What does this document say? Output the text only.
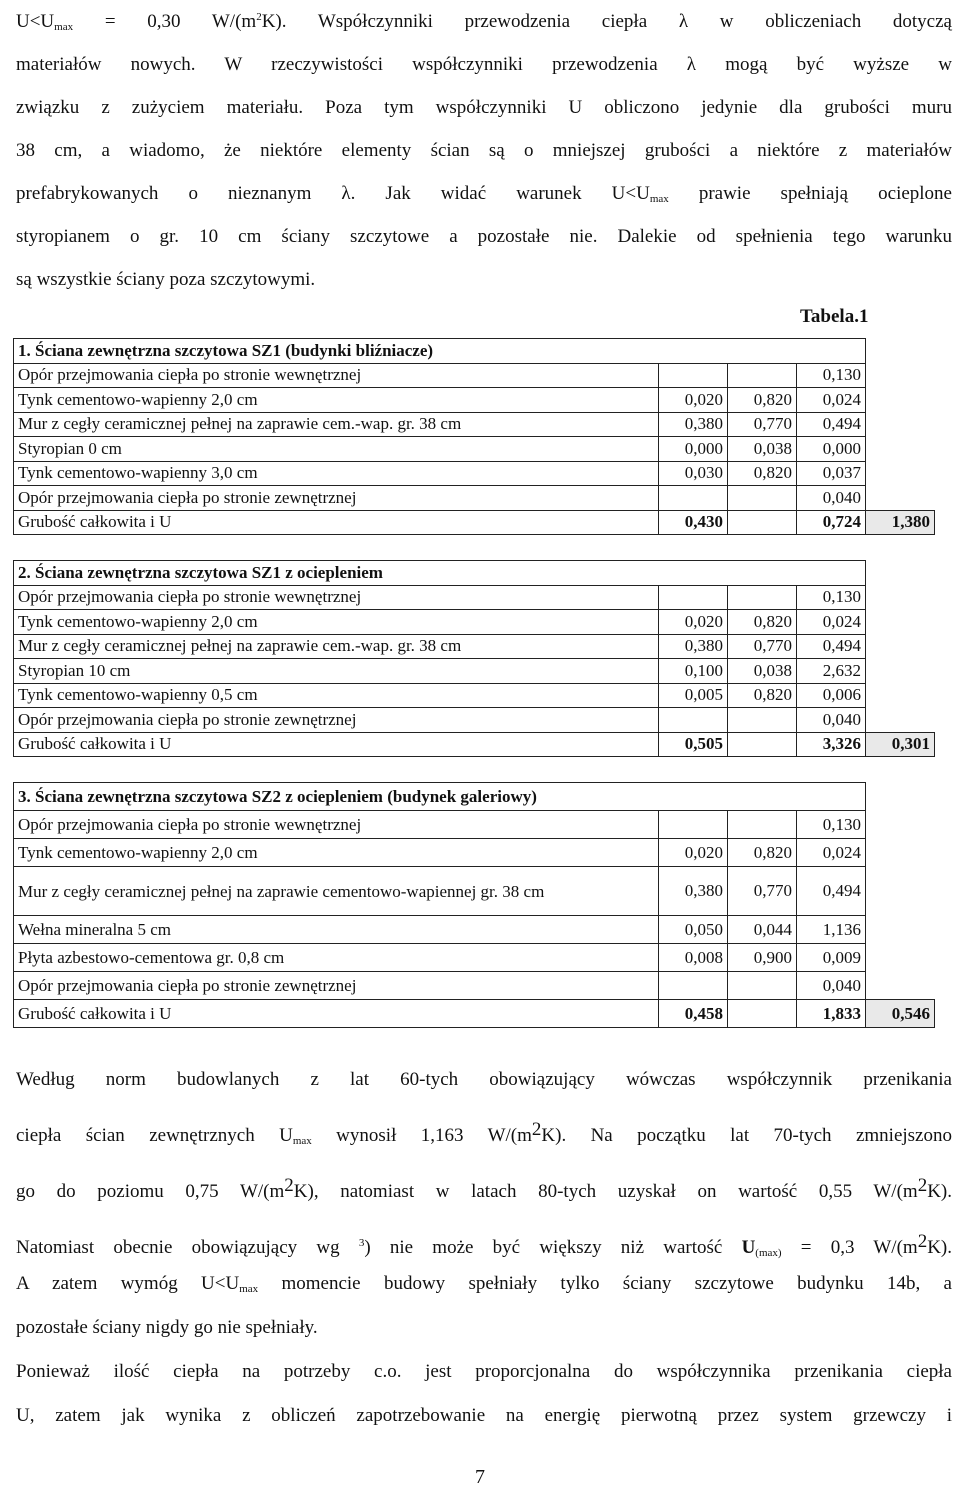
$U<U_{max} = 0,30$ $W/(m^2K)$. Współczynniki przewodzenia ciepła λ w obliczeniach dotyczą
materiałów nowych. W rzeczywistości współczynniki przewodzenia λ mogą być wyższe w
związku z zużyciem materiału. Poza tym współczynniki U obliczono jedynie dla grubości muru
38 cm, a wiadomo, że niektóre elementy ścian są o mniejszej grubości a niektóre z materiałów
prefabrykowanych o nieznanym λ. Jak widać warunek $U<U_{max}$ prawie spełniają ocieplone
styropianem o gr. 10 cm ściany szczytowe a pozostałe nie. Dalekie od spełnienia tego warunku
są wszystkie ściany poza szczytowymi.
Tabela.1
1. Ściana zewnętrzna szczytowa SZ1 (budynki bliźniacze)				
Opór przejmowania ciepła po stronie wewnętrznej			0,130	
Tynk cementowo-wapienny 2,0 cm	0,020	0,820	0,024	
Mur z cegły ceramicznej pełnej na zaprawie cem.-wap. gr. 38 cm	0,380	0,770	0,494	
Styropian 0 cm	0,000	0,038	0,000	
Tynk cementowo-wapienny 3,0 cm	0,030	0,820	0,037	
Opór przejmowania ciepła po stronie zewnętrznej			0,040	
Grubość całkowita i U	0,430		0,724	1,380
2. Ściana zewnętrzna szczytowa SZ1 z ociepleniem				
Opór przejmowania ciepła po stronie wewnętrznej			0,130	
Tynk cementowo-wapienny 2,0 cm	0,020	0,820	0,024	
Mur z cegły ceramicznej pełnej na zaprawie cem.-wap. gr. 38 cm	0,380	0,770	0,494	
Styropian 10 cm	0,100	0,038	2,632	
Tynk cementowo-wapienny 0,5 cm	0,005	0,820	0,006	
Opór przejmowania ciepła po stronie zewnętrznej			0,040	
Grubość całkowita i U	0,505		3,326	0,301
3. Ściana zewnętrzna szczytowa SZ2 z ociepleniem (budynek galeriowy)				
Opór przejmowania ciepła po stronie wewnętrznej			0,130	
Tynk cementowo-wapienny 2,0 cm	0,020	0,820	0,024	
Mur z cegły ceramicznej pełnej na zaprawie cementowo-wapiennej gr. 38 cm	0,380	0,770	0,494	
Wełna mineralna 5 cm	0,050	0,044	1,136	
Płyta azbestowo-cementowa gr. 0,8 cm	0,008	0,900	0,009	
Opór przejmowania ciepła po stronie zewnętrznej			0,040	
Grubość całkowita i U	0,458		1,833	0,546
Według norm budowlanych z lat 60-tych obowiązujący wówczas współczynnik przenikania
ciepła ścian zewnętrznych $U_{max}$ wynosił 1,163 $W/(m^2K)$. Na początku lat 70-tych zmniejszono
go do poziomu 0,75 $W/(m^2K)$, natomiast w latach 80-tych uzyskał on wartość 0,55 $W/(m^2K)$.
Natomiast obecnie obowiązujący wg $^3$) nie może być większy niż wartość $U_{(max)} = 0,3$ $W/(m^2K)$.
A zatem wymóg $U<U_{max}$ momencie budowy spełniały tylko ściany szczytowe budynku 14b, a
pozostałe ściany nigdy go nie spełniały.
Ponieważ ilość ciepła na potrzeby c.o. jest proporcjonalna do współczynnika przenikania ciepła
U, zatem jak wynika z obliczeń zapotrzebowanie na energię pierwotną przez system grzewczy i
7
